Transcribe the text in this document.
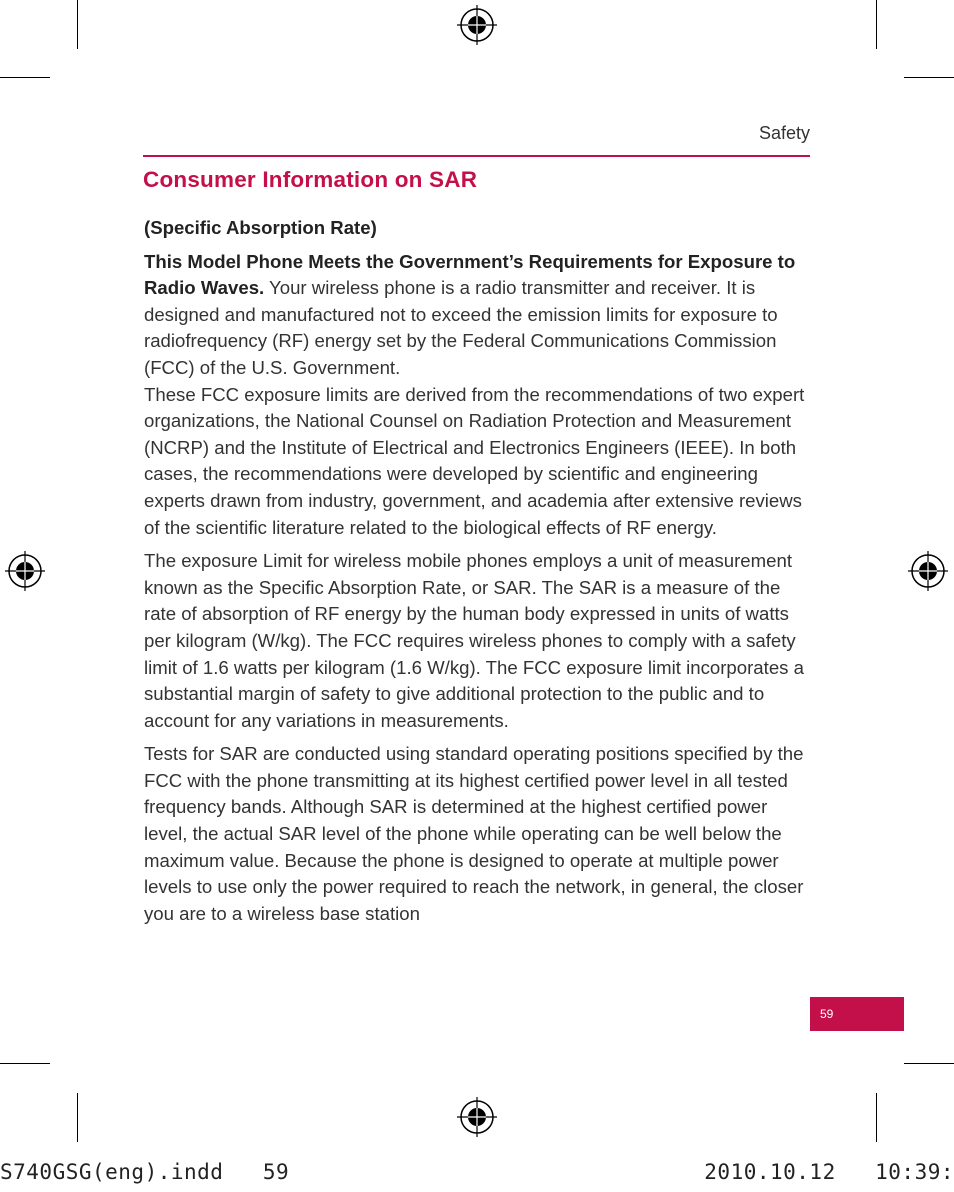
Safety
Consumer Information on SAR

(Specific Absorption Rate)

This Model Phone Meets the Government’s Requirements for Exposure to Radio Waves. Your wireless phone is a radio transmitter and receiver. It is designed and manufactured not to exceed the emission limits for exposure to radiofrequency (RF) energy set by the Federal Communications Commission (FCC) of the U.S. Government.

These FCC exposure limits are derived from the recommendations of two expert organizations, the National Counsel on Radiation Protection and Measurement (NCRP) and the Institute of Electrical and Electronics Engineers (IEEE). In both cases, the recommendations were developed by scientific and engineering experts drawn from industry, government, and academia after extensive reviews of the scientific literature related to the biological effects of RF energy.

The exposure Limit for wireless mobile phones employs a unit of measurement known as the Specific Absorption Rate, or SAR. The SAR is a measure of the rate of absorption of RF energy by the human body expressed in units of watts per kilogram (W/kg). The FCC requires wireless phones to comply with a safety limit of 1.6 watts per kilogram (1.6 W/kg). The FCC exposure limit incorporates a substantial margin of safety to give additional protection to the public and to account for any variations in measurements.

Tests for SAR are conducted using standard operating positions specified by the FCC with the phone transmitting at its highest certified power level in all tested frequency bands. Although SAR is determined at the highest certified power level, the actual SAR level of the phone while operating can be well below the maximum value. Because the phone is designed to operate at multiple power levels to use only the power required to reach the network, in general, the closer you are to a wireless base station

59
S740GSG(eng).indd   59	2010.10.12   10:39:
